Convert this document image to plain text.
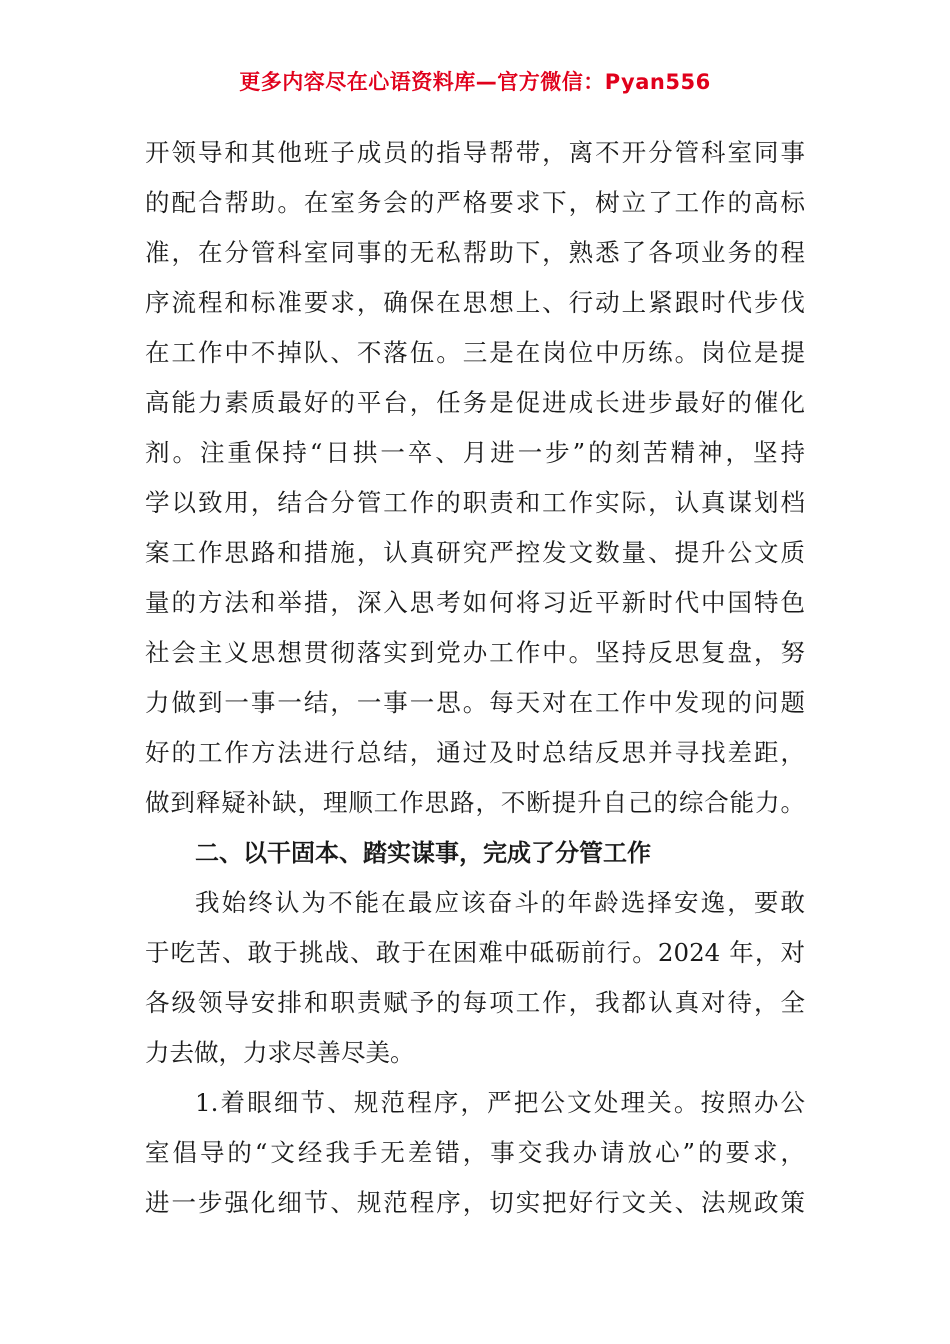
更多内容尽在心语资料库—官方微信：Pyan556
开领导和其他班子成员的指导帮带，离不开分管科室同事
的配合帮助。在室务会的严格要求下，树立了工作的高标
准，在分管科室同事的无私帮助下，熟悉了各项业务的程
序流程和标准要求，确保在思想上、行动上紧跟时代步伐
在工作中不掉队、不落伍。三是在岗位中历练。岗位是提
高能力素质最好的平台，任务是促进成长进步最好的催化
剂。注重保持“日拱一卒、月进一步”的刻苦精神，坚持
学以致用，结合分管工作的职责和工作实际，认真谋划档
案工作思路和措施，认真研究严控发文数量、提升公文质
量的方法和举措，深入思考如何将习近平新时代中国特色
社会主义思想贯彻落实到党办工作中。坚持反思复盘，努
力做到一事一结，一事一思。每天对在工作中发现的问题
好的工作方法进行总结，通过及时总结反思并寻找差距，
做到释疑补缺，理顺工作思路，不断提升自己的综合能力。
二、以干固本、踏实谋事，完成了分管工作
我始终认为不能在最应该奋斗的年龄选择安逸，要敢
于吃苦、敢于挑战、敢于在困难中砥砺前行。2024 年，对
各级领导安排和职责赋予的每项工作，我都认真对待，全
力去做，力求尽善尽美。
1.着眼细节、规范程序，严把公文处理关。按照办公
室倡导的“文经我手无差错，事交我办请放心”的要求，
进一步强化细节、规范程序，切实把好行文关、法规政策
